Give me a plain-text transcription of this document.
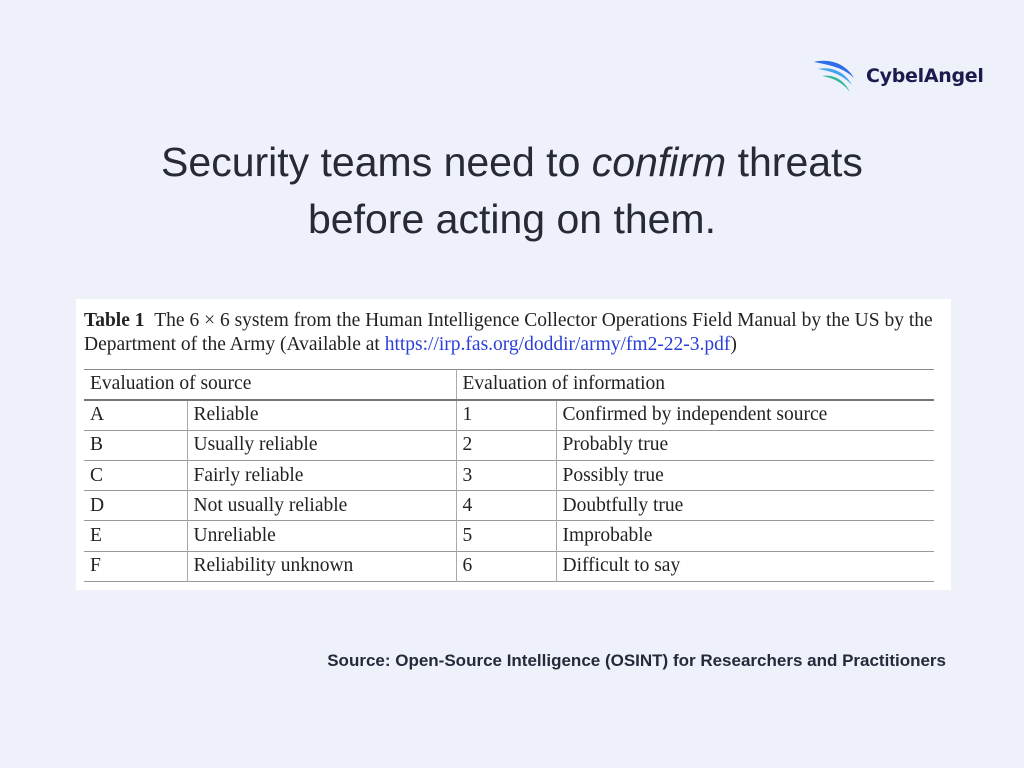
CybelAngel
Security teams need to confirm threats
before acting on them.
Table 1 The 6 × 6 system from the Human Intelligence Collector Operations Field Manual by the US by the Department of the Army (Available at https://irp.fas.org/doddir/army/fm2-22-3.pdf)
Evaluation of source		Evaluation of information	
A	Reliable	1	Confirmed by independent source
B	Usually reliable	2	Probably true
C	Fairly reliable	3	Possibly true
D	Not usually reliable	4	Doubtfully true
E	Unreliable	5	Improbable
F	Reliability unknown	6	Difficult to say
Source: Open-Source Intelligence (OSINT) for Researchers and Practitioners
